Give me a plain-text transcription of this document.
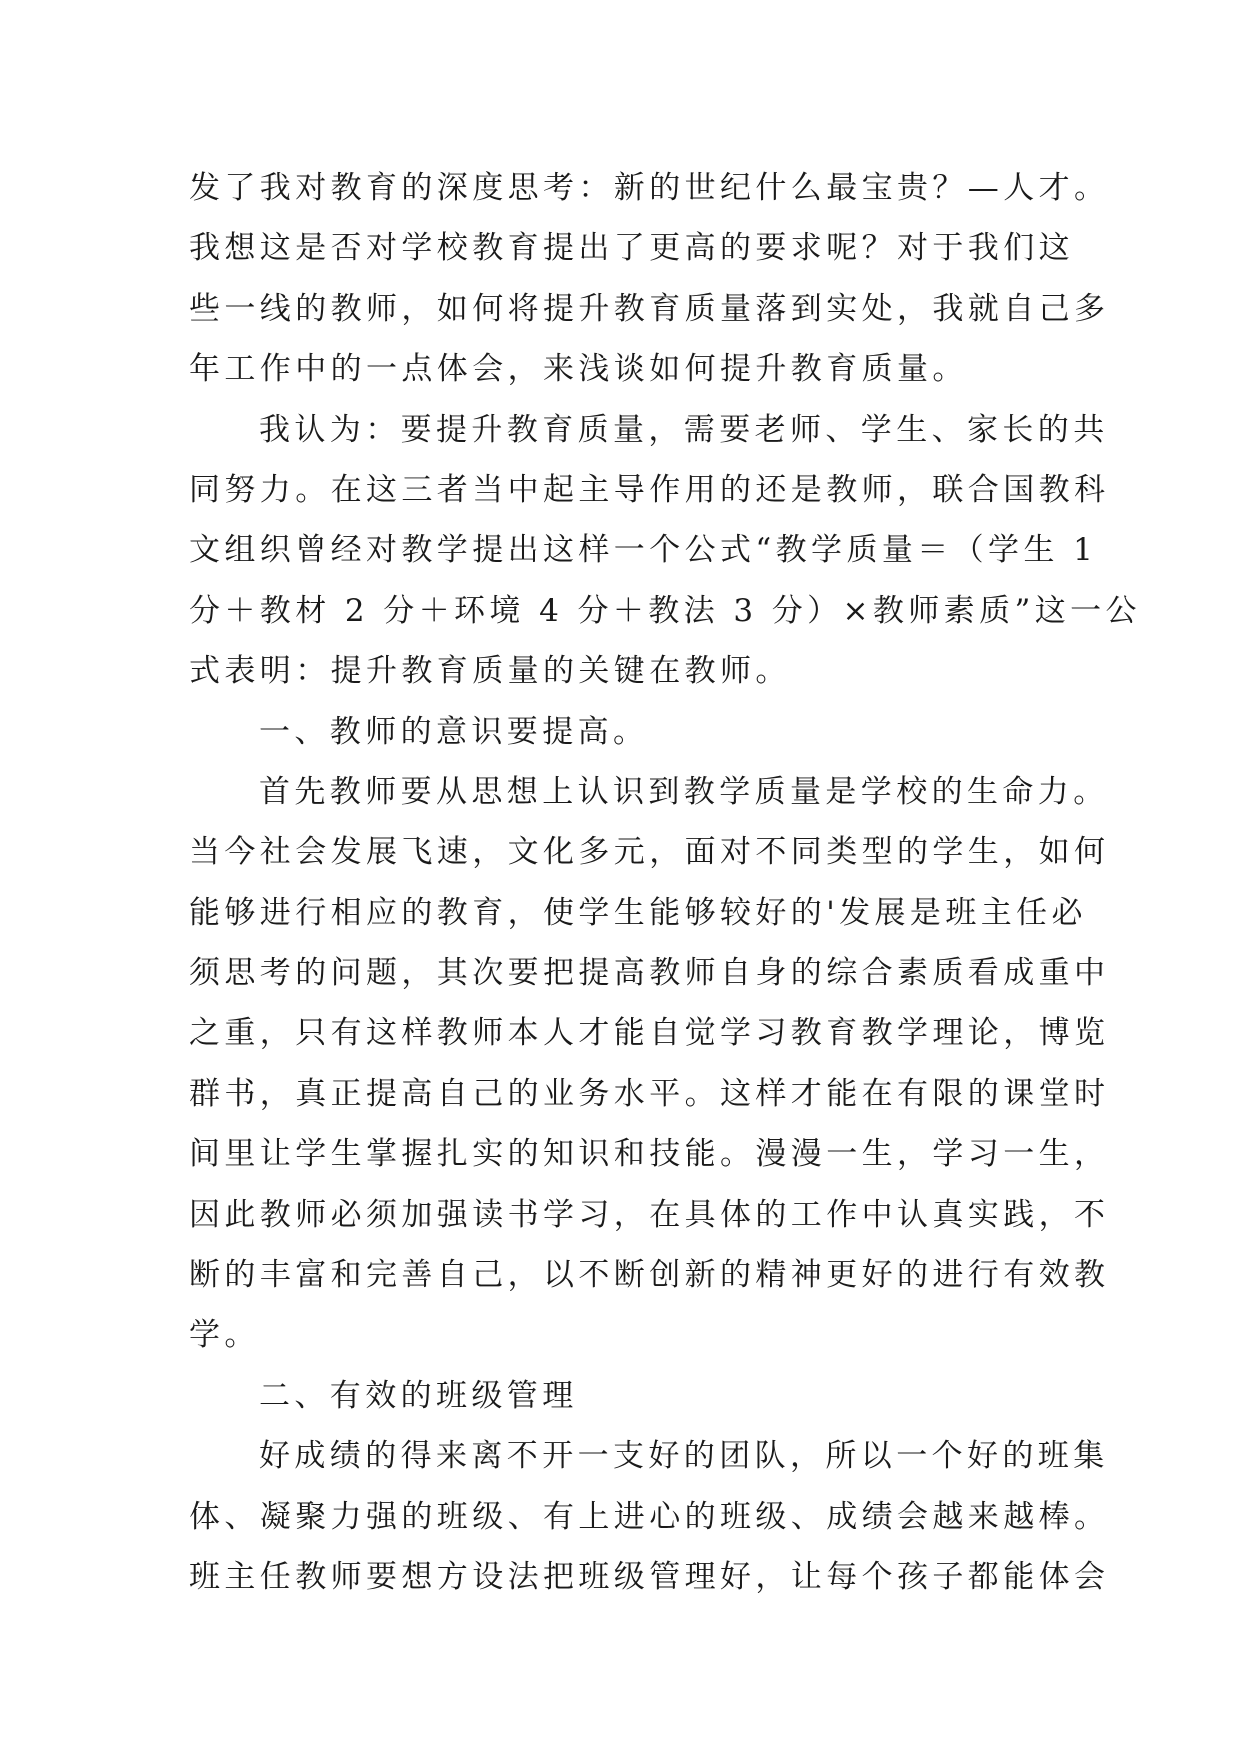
发了我对教育的深度思考：新的世纪什么最宝贵？—人才。
我想这是否对学校教育提出了更高的要求呢？对于我们这
些一线的教师，如何将提升教育质量落到实处，我就自己多
年工作中的一点体会，来浅谈如何提升教育质量。
我认为：要提升教育质量，需要老师、学生、家长的共
同努力。在这三者当中起主导作用的还是教师，联合国教科
文组织曾经对教学提出这样一个公式“教学质量＝（学生 1
分＋教材 2 分＋环境 4 分＋教法 3 分）×教师素质”这一公
式表明：提升教育质量的关键在教师。
一、教师的意识要提高。
首先教师要从思想上认识到教学质量是学校的生命力。
当今社会发展飞速，文化多元，面对不同类型的学生，如何
能够进行相应的教育，使学生能够较好的'发展是班主任必
须思考的问题，其次要把提高教师自身的综合素质看成重中
之重，只有这样教师本人才能自觉学习教育教学理论，博览
群书，真正提高自己的业务水平。这样才能在有限的课堂时
间里让学生掌握扎实的知识和技能。漫漫一生，学习一生，
因此教师必须加强读书学习，在具体的工作中认真实践，不
断的丰富和完善自己，以不断创新的精神更好的进行有效教
学。
二、有效的班级管理
好成绩的得来离不开一支好的团队，所以一个好的班集
体、凝聚力强的班级、有上进心的班级、成绩会越来越棒。
班主任教师要想方设法把班级管理好，让每个孩子都能体会
